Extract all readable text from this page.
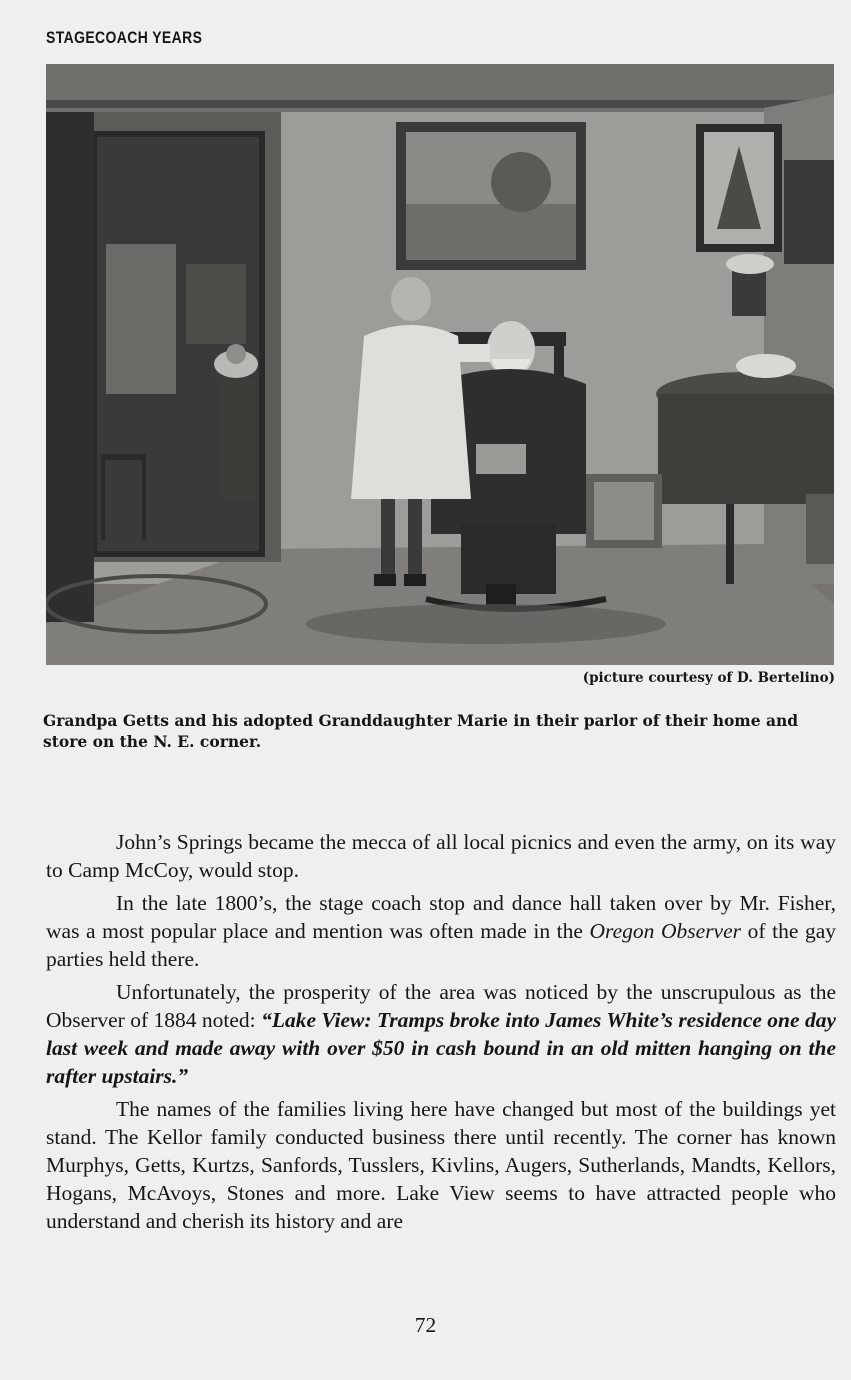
STAGECOACH YEARS
(picture courtesy of D. Bertelino)
Grandpa Getts and his adopted Granddaughter Marie in their parlor of their home and store on the N. E. corner.

John’s Springs became the mecca of all local picnics and even the army, on its way to Camp McCoy, would stop.

In the late 1800’s, the stage coach stop and dance hall taken over by Mr. Fisher, was a most popular place and mention was often made in the Oregon Observer of the gay parties held there.

Unfortunately, the prosperity of the area was noticed by the unscrupulous as the Observer of 1884 noted: “Lake View: Tramps broke into James White’s residence one day last week and made away with over $50 in cash bound in an old mitten hanging on the rafter upstairs.”

The names of the families living here have changed but most of the buildings yet stand. The Kellor family conducted business there until recently. The corner has known Murphys, Getts, Kurtzs, Sanfords, Tusslers, Kivlins, Augers, Sutherlands, Mandts, Kellors, Hogans, McAvoys, Stones and more. Lake View seems to have attracted people who understand and cherish its history and are

72
